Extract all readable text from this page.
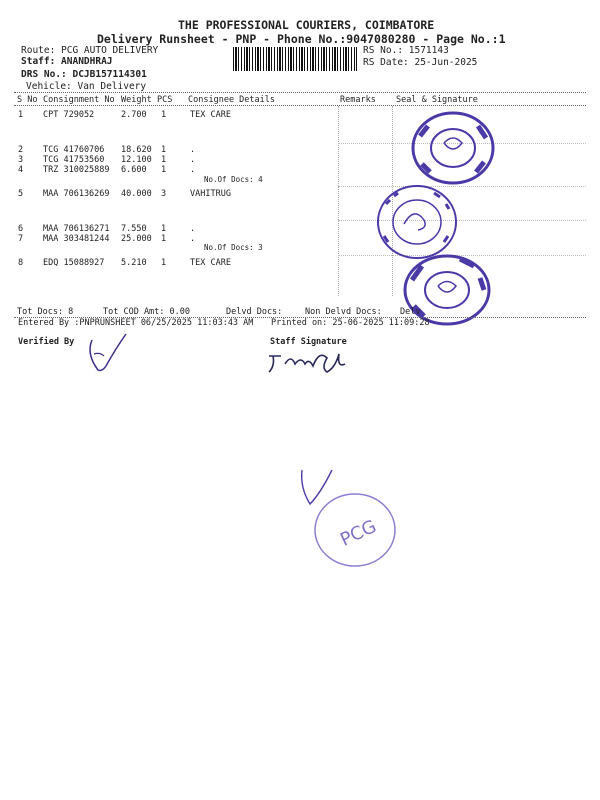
THE PROFESSIONAL COURIERS, COIMBATORE
Delivery Runsheet - PNP - Phone No.:9047080280 - Page No.:1
Route: PCG AUTO DELIVERY
Staff: ANANDHRAJ
DRS No.: DCJB157114301
Vehicle: Van Delivery
RS No.: 1571143
RS Date: 25-Jun-2025
S No Consignment No Weight PCS Consignee Details	Remarks Seal & Signature
1 CPT 729052	2.700 1	TEX CARE
2 TCG 41760706 18.620 1	.
3 TCG 41753560 12.100 1	.
4 TRZ 310025889 6.600 1	.
No.Of Docs: 4
5 MAA 706136269 40.000 3	VAHITRUG
6 MAA 706136271 7.550 1	.
7 MAA 303481244 25.000 1	.
No.Of Docs: 3
8 EDQ 15088927 5.210 1	TEX CARE
Tot Docs: 8	Tot COD Amt: 0.00	Delvd Docs:	Non Delvd Docs: Delv
Entered By :PNPRUNSHEET 06/25/2025 11:03:43 AM Printed on: 25-06-2025 11:09:28
Verified By	Staff Signature
PCG
